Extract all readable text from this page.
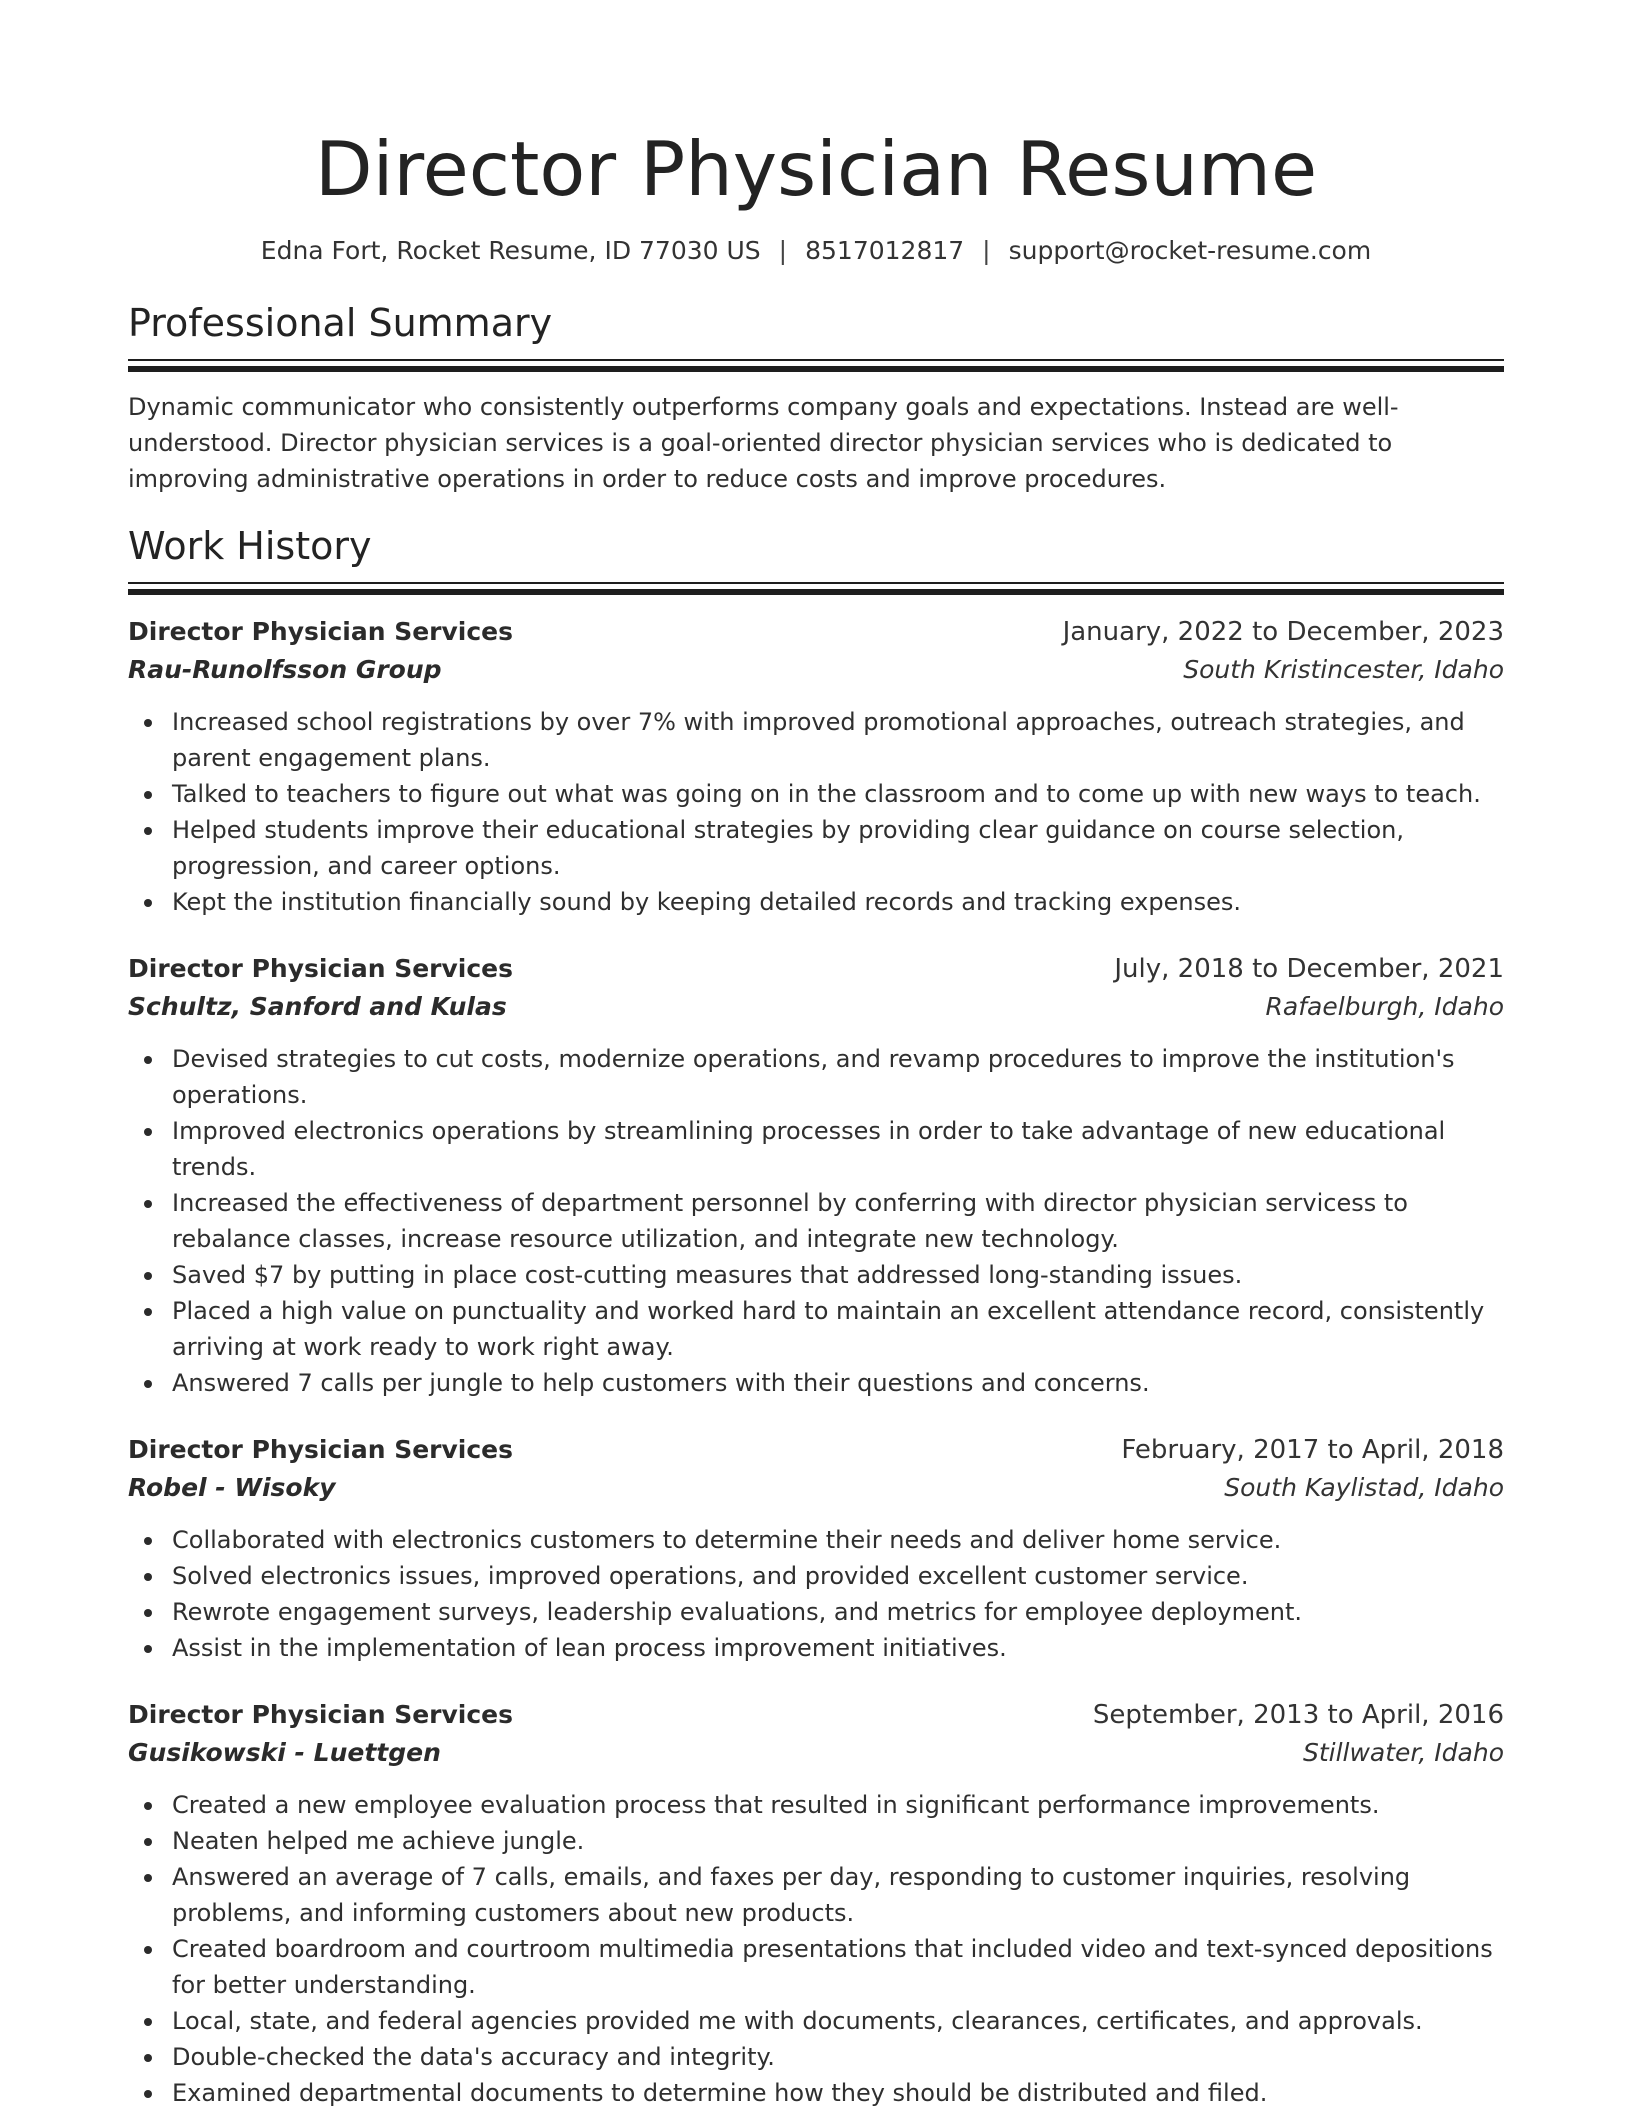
Director Physician Resume
Edna Fort, Rocket Resume, ID 77030 US | 8517012817 | support@rocket-resume.com
Professional Summary

Dynamic communicator who consistently outperforms company goals and expectations. Instead are well-understood. Director physician services is a goal-oriented director physician services who is dedicated to improving administrative operations in order to reduce costs and improve procedures.

Work History
Director Physician Services	January, 2022 to December, 2023
Rau-Runolfsson Group	South Kristincester, Idaho
Increased school registrations by over 7% with improved promotional approaches, outreach strategies, and parent engagement plans.
Talked to teachers to figure out what was going on in the classroom and to come up with new ways to teach.
Helped students improve their educational strategies by providing clear guidance on course selection, progression, and career options.
Kept the institution financially sound by keeping detailed records and tracking expenses.
Director Physician Services	July, 2018 to December, 2021
Schultz, Sanford and Kulas	Rafaelburgh, Idaho
Devised strategies to cut costs, modernize operations, and revamp procedures to improve the institution's operations.
Improved electronics operations by streamlining processes in order to take advantage of new educational trends.
Increased the effectiveness of department personnel by conferring with director physician servicess to rebalance classes, increase resource utilization, and integrate new technology.
Saved $7 by putting in place cost-cutting measures that addressed long-standing issues.
Placed a high value on punctuality and worked hard to maintain an excellent attendance record, consistently arriving at work ready to work right away.
Answered 7 calls per jungle to help customers with their questions and concerns.
Director Physician Services	February, 2017 to April, 2018
Robel - Wisoky	South Kaylistad, Idaho
Collaborated with electronics customers to determine their needs and deliver home service.
Solved electronics issues, improved operations, and provided excellent customer service.
Rewrote engagement surveys, leadership evaluations, and metrics for employee deployment.
Assist in the implementation of lean process improvement initiatives.
Director Physician Services	September, 2013 to April, 2016
Gusikowski - Luettgen	Stillwater, Idaho
Created a new employee evaluation process that resulted in significant performance improvements.
Neaten helped me achieve jungle.
Answered an average of 7 calls, emails, and faxes per day, responding to customer inquiries, resolving problems, and informing customers about new products.
Created boardroom and courtroom multimedia presentations that included video and text-synced depositions for better understanding.
Local, state, and federal agencies provided me with documents, clearances, certificates, and approvals.
Double-checked the data's accuracy and integrity.
Examined departmental documents to determine how they should be distributed and filed.
